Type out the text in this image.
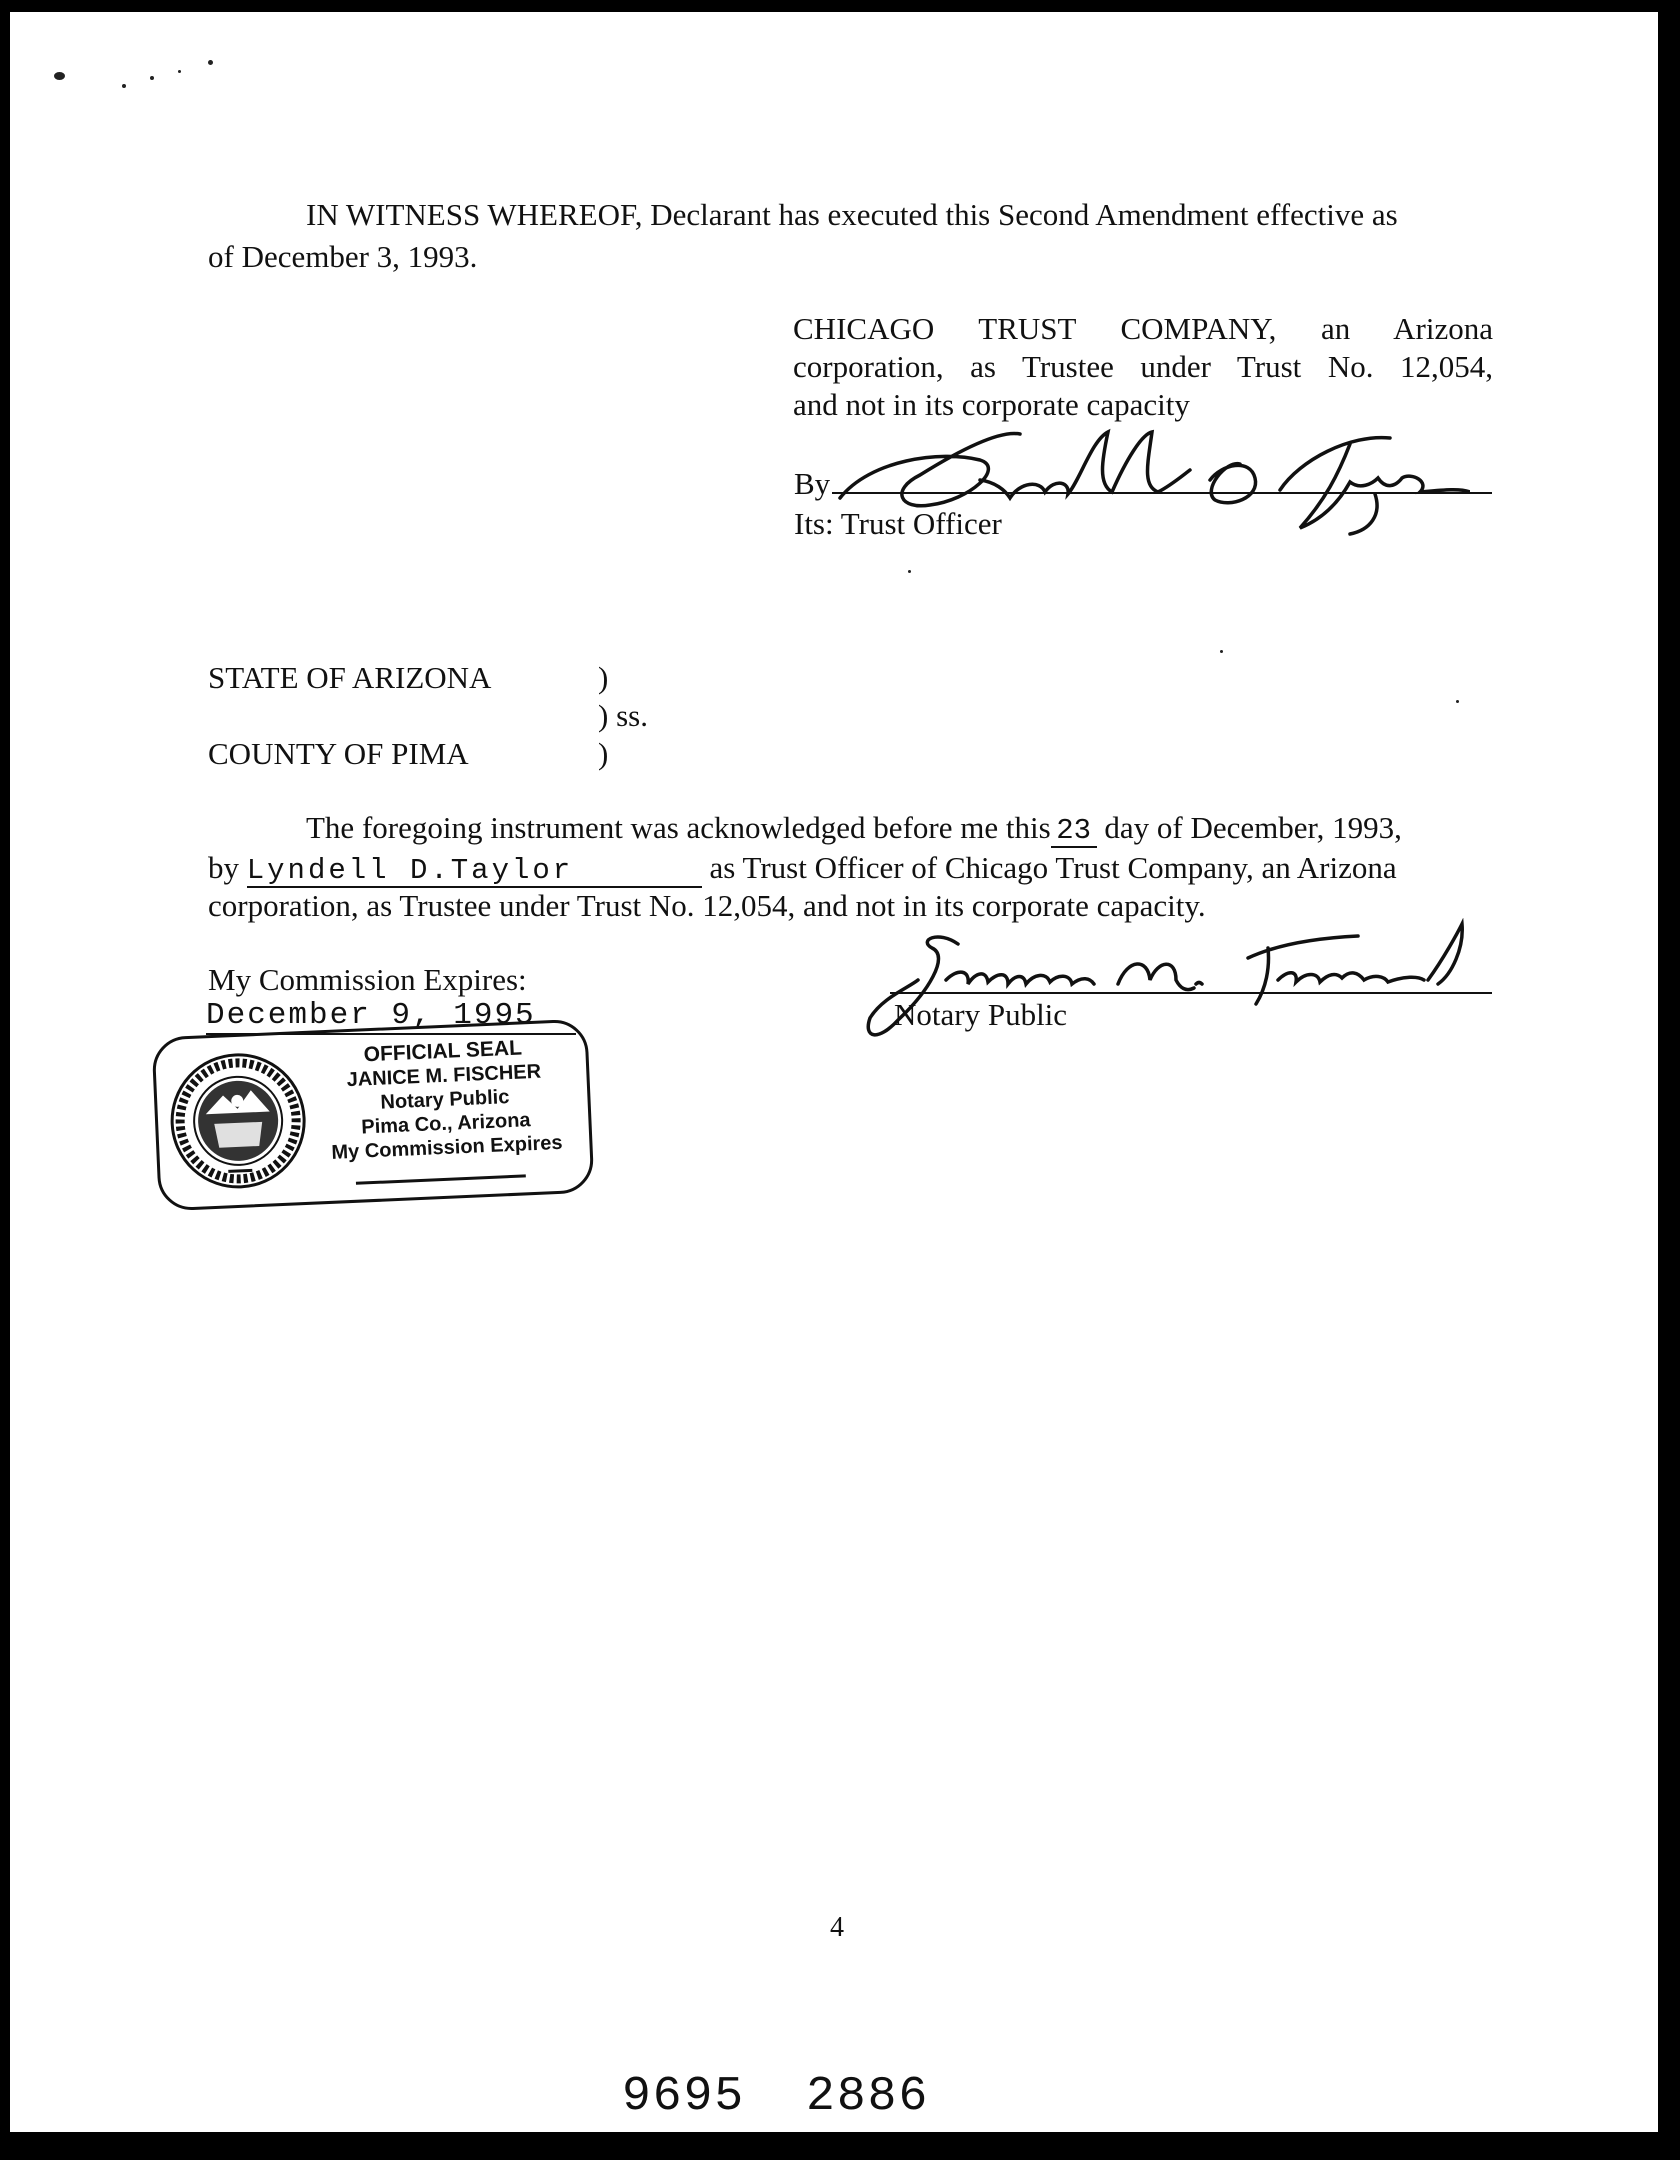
IN WITNESS WHEREOF, Declarant has executed this Second Amendment effective as
of December 3, 1993.
CHICAGO TRUST COMPANY, an Arizona
corporation, as Trustee under Trust No. 12,054,
and not in its corporate capacity
By
Its: Trust Officer
STATE OF ARIZONA	)
) ss.
COUNTY OF PIMA	)
The foregoing instrument was acknowledged before me this 23 day of December, 1993,
by Lyndell D.Taylor	as Trust Officer of Chicago Trust Company, an Arizona
corporation, as Trustee under Trust No. 12,054, and not in its corporate capacity.
My Commission Expires:
December 9, 1995	Notary Public
OFFICIAL SEAL
JANICE M. FISCHER
Notary Public
Pima Co., Arizona
My Commission Expires
4
9695 2886
